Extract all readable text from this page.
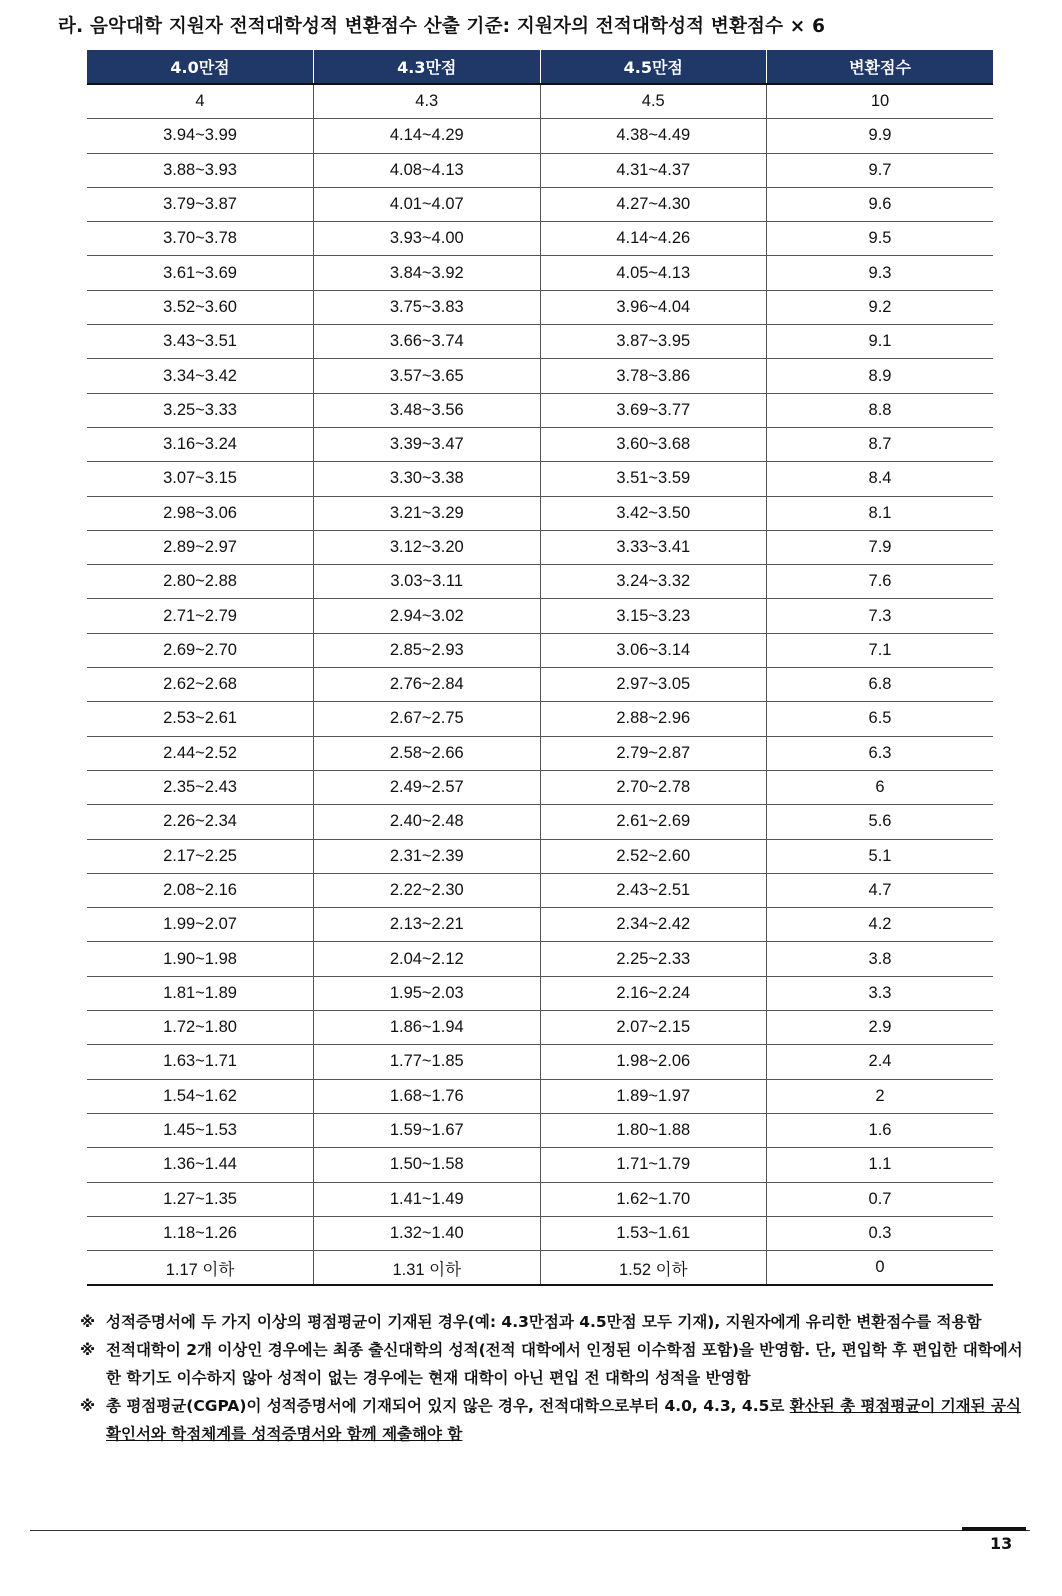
라. 음악대학 지원자 전적대학성적 변환점수 산출 기준: 지원자의 전적대학성적 변환점수 × 6
4.0만점	4.3만점	4.5만점	변환점수
4	4.3	4.5	10
3.94~3.99	4.14~4.29	4.38~4.49	9.9
3.88~3.93	4.08~4.13	4.31~4.37	9.7
3.79~3.87	4.01~4.07	4.27~4.30	9.6
3.70~3.78	3.93~4.00	4.14~4.26	9.5
3.61~3.69	3.84~3.92	4.05~4.13	9.3
3.52~3.60	3.75~3.83	3.96~4.04	9.2
3.43~3.51	3.66~3.74	3.87~3.95	9.1
3.34~3.42	3.57~3.65	3.78~3.86	8.9
3.25~3.33	3.48~3.56	3.69~3.77	8.8
3.16~3.24	3.39~3.47	3.60~3.68	8.7
3.07~3.15	3.30~3.38	3.51~3.59	8.4
2.98~3.06	3.21~3.29	3.42~3.50	8.1
2.89~2.97	3.12~3.20	3.33~3.41	7.9
2.80~2.88	3.03~3.11	3.24~3.32	7.6
2.71~2.79	2.94~3.02	3.15~3.23	7.3
2.69~2.70	2.85~2.93	3.06~3.14	7.1
2.62~2.68	2.76~2.84	2.97~3.05	6.8
2.53~2.61	2.67~2.75	2.88~2.96	6.5
2.44~2.52	2.58~2.66	2.79~2.87	6.3
2.35~2.43	2.49~2.57	2.70~2.78	6
2.26~2.34	2.40~2.48	2.61~2.69	5.6
2.17~2.25	2.31~2.39	2.52~2.60	5.1
2.08~2.16	2.22~2.30	2.43~2.51	4.7
1.99~2.07	2.13~2.21	2.34~2.42	4.2
1.90~1.98	2.04~2.12	2.25~2.33	3.8
1.81~1.89	1.95~2.03	2.16~2.24	3.3
1.72~1.80	1.86~1.94	2.07~2.15	2.9
1.63~1.71	1.77~1.85	1.98~2.06	2.4
1.54~1.62	1.68~1.76	1.89~1.97	2
1.45~1.53	1.59~1.67	1.80~1.88	1.6
1.36~1.44	1.50~1.58	1.71~1.79	1.1
1.27~1.35	1.41~1.49	1.62~1.70	0.7
1.18~1.26	1.32~1.40	1.53~1.61	0.3
1.17 이하	1.31 이하	1.52 이하	0
※ 성적증명서에 두 가지 이상의 평점평균이 기재된 경우(예: 4.3만점과 4.5만점 모두 기재), 지원자에게 유리한 변환점수를 적용함
※ 전적대학이 2개 이상인 경우에는 최종 출신대학의 성적(전적 대학에서 인정된 이수학점 포함)을 반영함. 단, 편입학 후 편입한 대학에서 한 학기도 이수하지 않아 성적이 없는 경우에는 현재 대학이 아닌 편입 전 대학의 성적을 반영함
※ 총 평점평균(CGPA)이 성적증명서에 기재되어 있지 않은 경우, 전적대학으로부터 4.0, 4.3, 4.5로 환산된 총 평점평균이 기재된 공식 확인서와 학점체계를 성적증명서와 함께 제출해야 함
13
